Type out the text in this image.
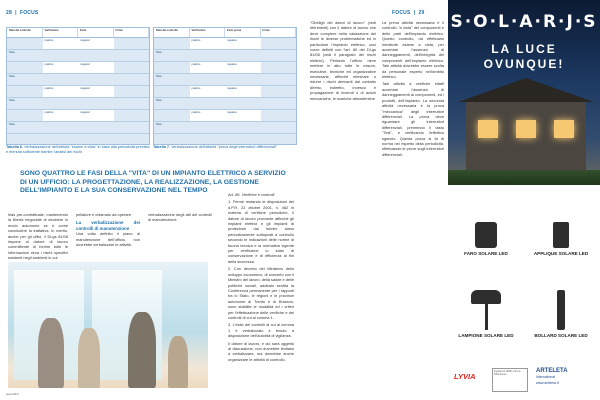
28  |  FOCUS	FOCUS  |  29
Data del controllo	Verificatore	Esito	Firma
positivo	negativo
Note:
positivo	negativo
Note:
positivo	negativo
Note:
positivo	negativo
Note:
Data del controllo	Verificatore	Esito prova	Firma
positivo	negativo
Note:
positivo	negativo
Note:
positivo	negativo
Note:
positivo	negativo
Note:
Tabella 6. Verbalizzazione dell'attività "esame a vista" in base alla periodicità prevista e ritenuta sufficiente tramite l'analisi dei rischi
Tabella 7. Verbalizzazione dell'attività "prova degli interruttori differenziali"
SONO QUATTRO LE FASI DELLA "VITA" DI UN IMPIANTO ELETTRICO A SERVIZIO DI UN UFFICIO: LA PROGETTAZIONE, LA REALIZZAZIONE, LA GESTIONE DELL'IMPIANTO E LA SUA CONSERVAZIONE NEL TEMPO
hias pre-contrattuale, mantenendo la libertà negoziale di decidere in modo autonomo se e come concludere la trattativa. In merito, anche per gli uffici, il DLgs 81/08 impone al datore di lavoro committente di fornire tutte le informazioni circa i rischi specifici esistenti negli ambienti in cui
pellatore è chiamato ad operare.
La verbalizzazione dei controlli di manutenzione
Una volta definito il piano di manutenzione dell'ufficio, non dovrebbe verbalizzare le attività.
verbalizzazione degli atti dei controlli di manutenzione.
Art. 86. Verifiche e controlli
1. Ferme restando le disposizioni del d.P.R. 22 ottobre 2001, n. 462 in materia di verifiche periodiche, il datore di lavoro provvede affinché gli impianti elettrici e gli impianti di protezione dai fulmini siano periodicamente sottoposti a controllo secondo le indicazioni delle norme di buona tecnica e la normativa vigente per verificarne lo stato di conservazione e di efficienza ai fini della sicurezza.
2. Con decreto del Ministero dello sviluppo economico, di concerto con il Ministro del lavoro, della salute e delle politiche sociali, adottato sentita la Conferenza permanente per i rapporti tra lo Stato, le regioni e le province autonome di Trento e di Bolzano, sono stabilite le modalità ed i criteri per l'effettuazione delle verifiche e dei controlli di cui al comma 1.
3. L'esito dei controlli di cui al comma 1 è verbalizzato e tenuto a disposizione dell'autorità di vigilanza.
Il datore di lavoro, e ciò sarà oggetto di discussione, non dovrebbe limitarsi a verbalizzare, ma dovrebbe anche organizzare le attività di controllo.
"Obbligh dei datori di lavoro" (vedi riferimenti) con il datore di lavoro che deve compiere nella valutazione dei rischi le diverse problematiche ed in particolare l'impianto elettrico, così come definiti con l'art. 80 del DLgs 81/08 (vedi il paragrafo dei rischi elettrici). Pertanto l'ufficio deve mettere in atto tutte le misure, esecutive, tecniche ed organizzative necessarie, affinché eliminare o ridurre i rischi derivanti dal contatto diretto, indiretto, innesco e propagazione di incendi o di azioni meccaniche, le scariche atmosferiche.
La prima attività necessaria è il controllo "a vista" dei componenti e delle parti dell'impianto elettrico. Questo controllo, da effettuarsi mediante esame a vista, per accertare l'assenza di danneggiamenti, dell'integrità dei componenti dell'impianto elettrico. Tale attività dovrebbe essere svolta da personale esperto nell'ambito elettrico.
Tale attività a verifiche infatti accertare l'assenza di danneggiamenti ai componenti, ed i prodotti, dell'impianto. La seconda attività necessaria è la prova "meccanica" degli interruttori differenziali. La prova deve riguardare gli interruttori differenziali, premendo il tasto "Test", e verificando l'effettivo sgancio. Questa prova si fa di norma nel rispetto della periodicità, effettuando le prove sugli interruttori differenziali.
S·O·L·A·R·J·S
LA LUCE
OVUNQUE!
FARO SOLARE LED	APPLIQUE SOLARE LED
LAMPIONE SOLARE LED	BOLLARD SOLARE LED
LYVIA
Impianti di 100W e fino a 3000 lumen
ARTELETA
international
www.arteleta.it
www.##.it
